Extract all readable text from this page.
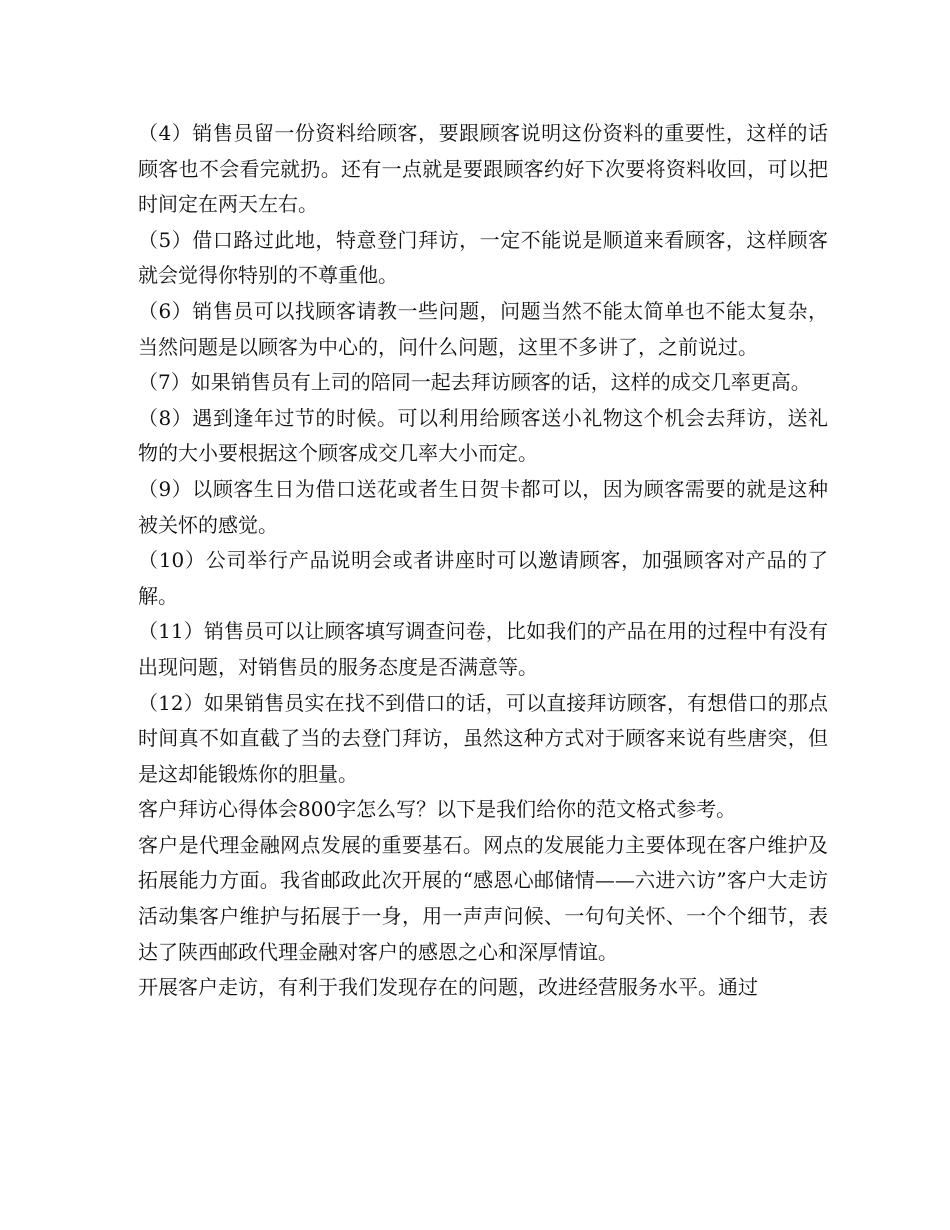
（4）销售员留一份资料给顾客，要跟顾客说明这份资料的重要性，这样的话顾客也不会看完就扔。还有一点就是要跟顾客约好下次要将资料收回，可以把时间定在两天左右。

（5）借口路过此地，特意登门拜访，一定不能说是顺道来看顾客，这样顾客就会觉得你特别的不尊重他。

（6）销售员可以找顾客请教一些问题，问题当然不能太简单也不能太复杂，当然问题是以顾客为中心的，问什么问题，这里不多讲了，之前说过。

（7）如果销售员有上司的陪同一起去拜访顾客的话，这样的成交几率更高。

（8）遇到逢年过节的时候。可以利用给顾客送小礼物这个机会去拜访，送礼物的大小要根据这个顾客成交几率大小而定。

（9）以顾客生日为借口送花或者生日贺卡都可以，因为顾客需要的就是这种被关怀的感觉。

（10）公司举行产品说明会或者讲座时可以邀请顾客，加强顾客对产品的了解。

（11）销售员可以让顾客填写调查问卷，比如我们的产品在用的过程中有没有出现问题，对销售员的服务态度是否满意等。

（12）如果销售员实在找不到借口的话，可以直接拜访顾客，有想借口的那点时间真不如直截了当的去登门拜访，虽然这种方式对于顾客来说有些唐突，但是这却能锻炼你的胆量。

客户拜访心得体会800字怎么写？以下是我们给你的范文格式参考。

客户是代理金融网点发展的重要基石。网点的发展能力主要体现在客户维护及拓展能力方面。我省邮政此次开展的“感恩心邮储情——六进六访”客户大走访活动集客户维护与拓展于一身，用一声声问候、一句句关怀、一个个细节，表达了陕西邮政代理金融对客户的感恩之心和深厚情谊。

开展客户走访，有利于我们发现存在的问题，改进经营服务水平。通过
